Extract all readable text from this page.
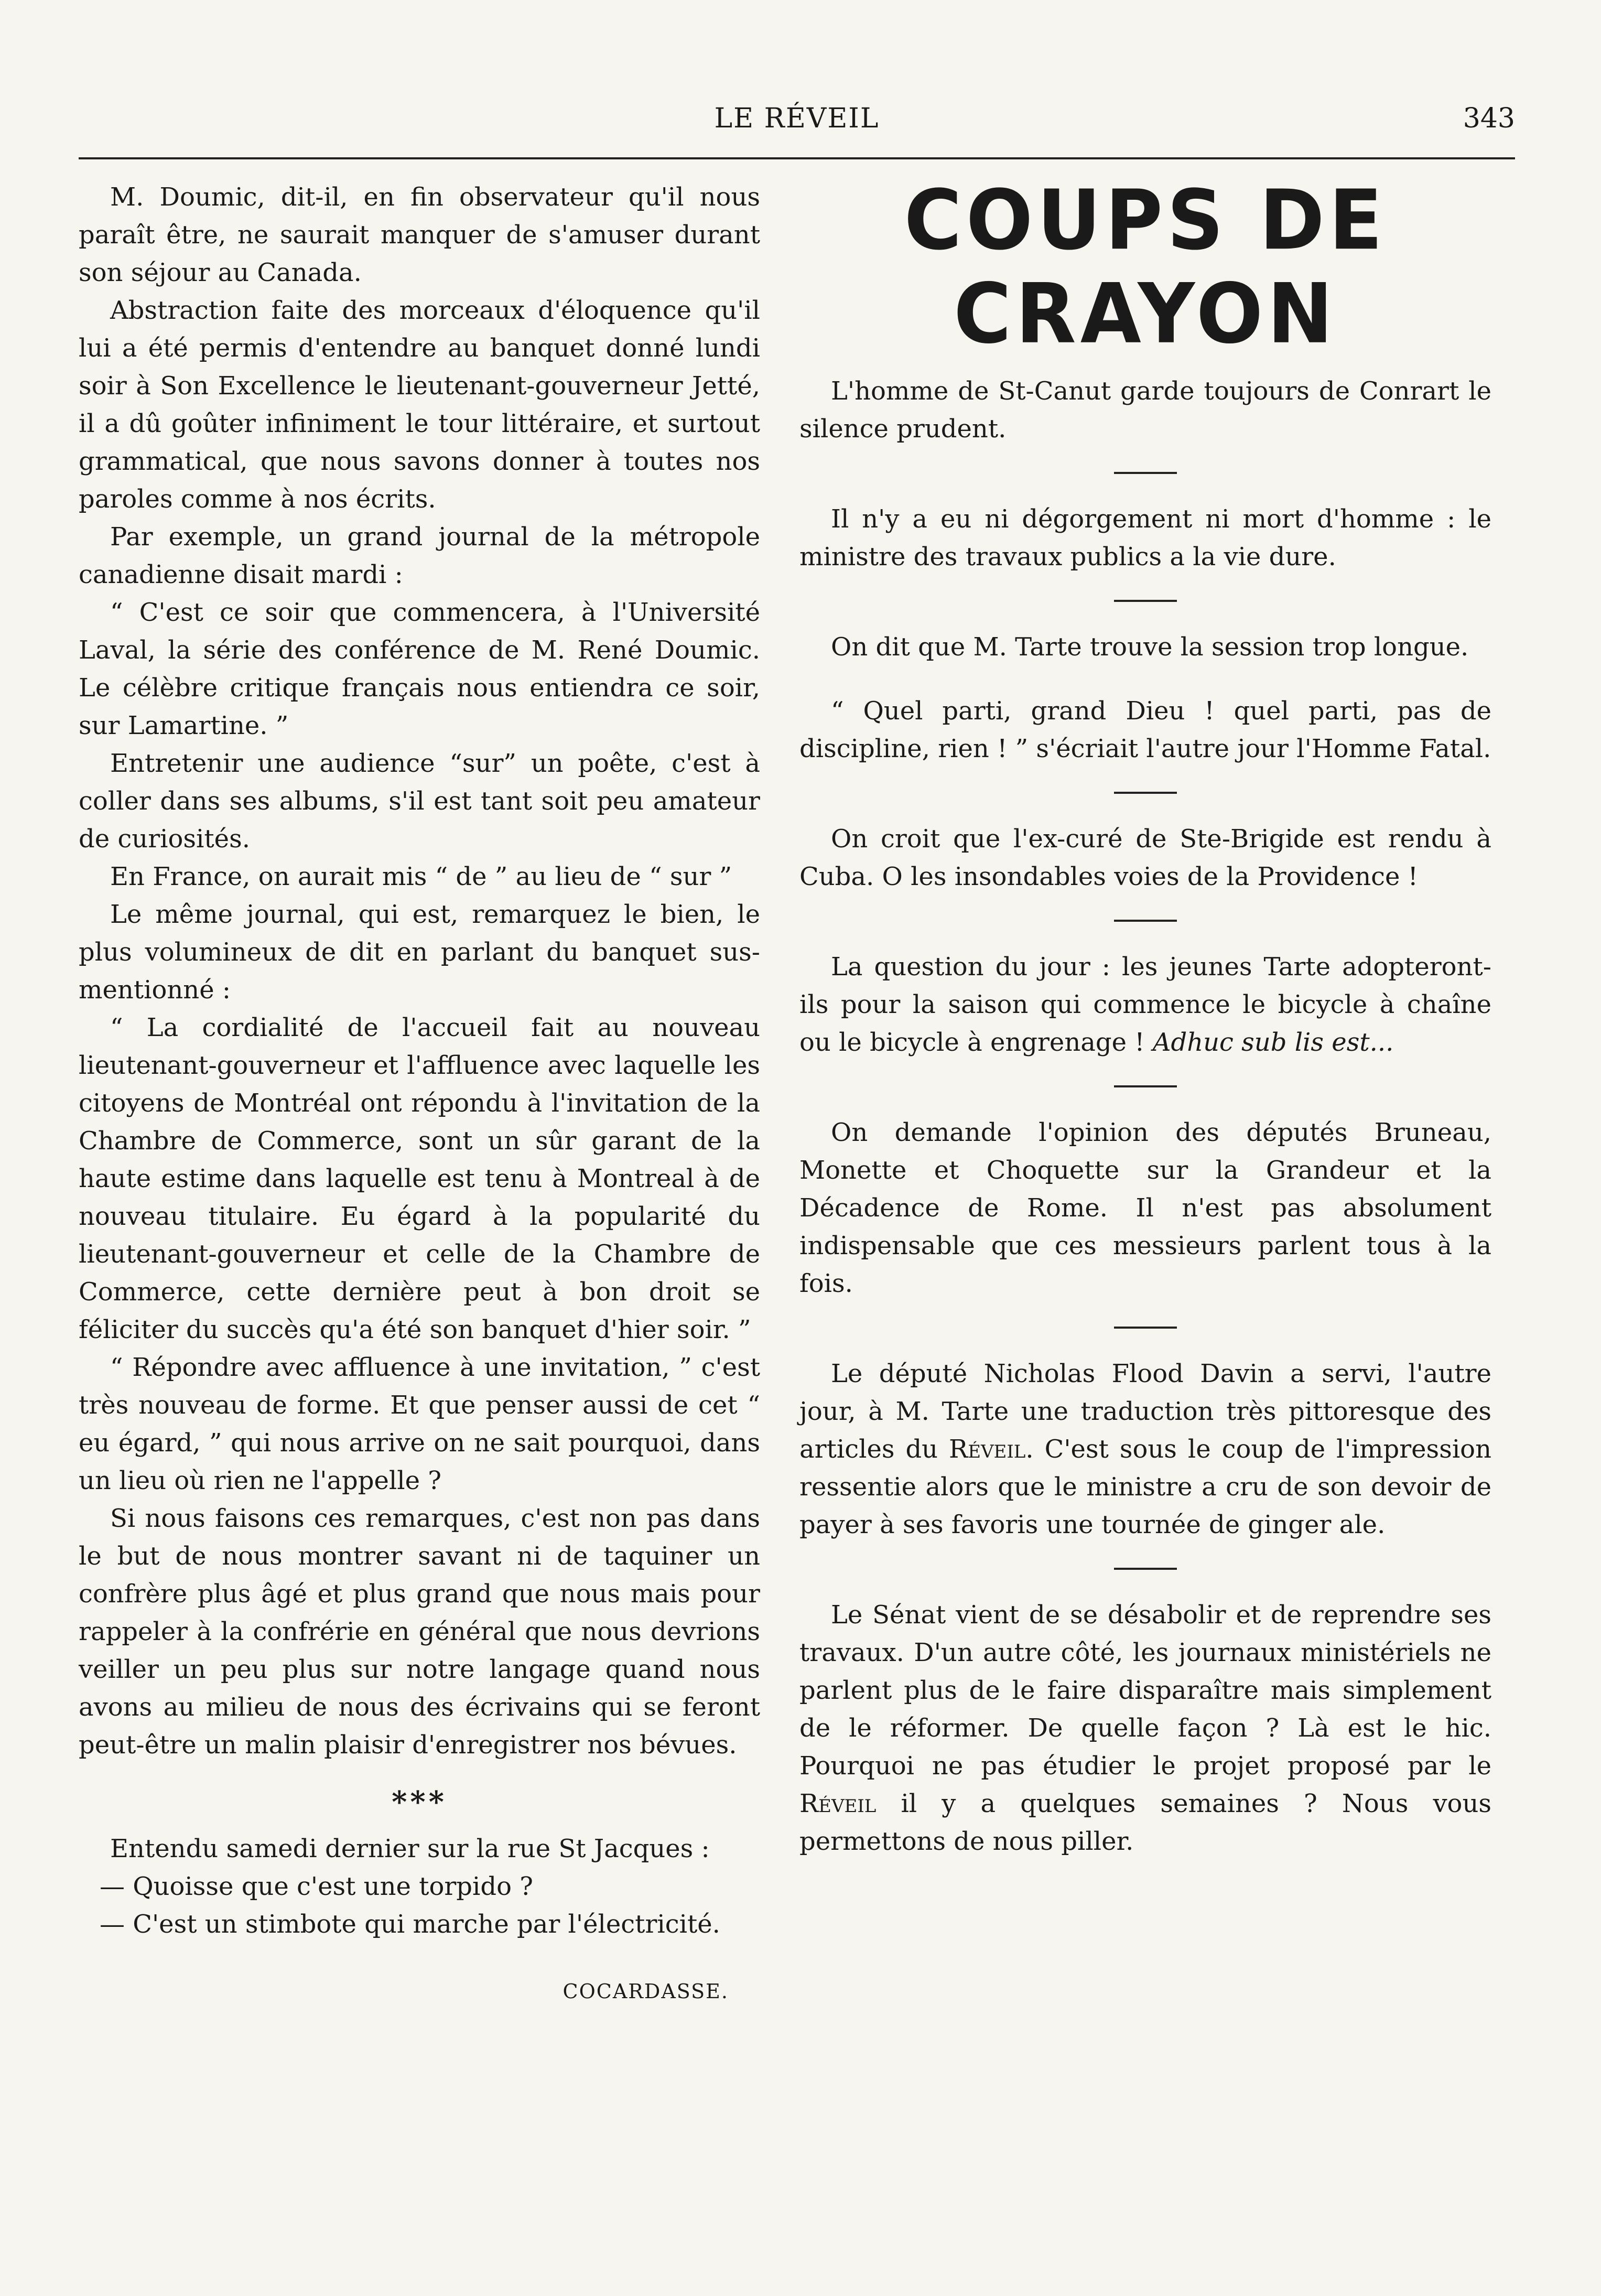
LE RÉVEIL	343

M. Doumic, dit-il, en fin observateur qu'il nous paraît être, ne saurait manquer de s'amuser durant son séjour au Canada.

Abstraction faite des morceaux d'éloquence qu'il lui a été permis d'entendre au banquet donné lundi soir à Son Excellence le lieutenant-gouverneur Jetté, il a dû goûter infiniment le tour littéraire, et surtout grammatical, que nous savons donner à toutes nos paroles comme à nos écrits.

Par exemple, un grand journal de la métropole canadienne disait mardi :

“ C'est ce soir que commencera, à l'Université Laval, la série des conférence de M. René Doumic. Le célèbre critique français nous entiendra ce soir, sur Lamartine. ”

Entretenir une audience “sur” un poête, c'est à coller dans ses albums, s'il est tant soit peu amateur de curiosités.

En France, on aurait mis “ de ” au lieu de “ sur ”

Le même journal, qui est, remarquez le bien, le plus volumineux de dit en parlant du banquet sus-mentionné :

“ La cordialité de l'accueil fait au nouveau lieutenant-gouverneur et l'affluence avec laquelle les citoyens de Montréal ont répondu à l'invitation de la Chambre de Commerce, sont un sûr garant de la haute estime dans laquelle est tenu à Montreal à de nouveau titulaire. Eu égard à la popularité du lieutenant-gouverneur et celle de la Chambre de Commerce, cette dernière peut à bon droit se féliciter du succès qu'a été son banquet d'hier soir. ”

“ Répondre avec affluence à une invitation, ” c'est très nouveau de forme. Et que penser aussi de cet “ eu égard, ” qui nous arrive on ne sait pourquoi, dans un lieu où rien ne l'appelle ?

Si nous faisons ces remarques, c'est non pas dans le but de nous montrer savant ni de taquiner un confrère plus âgé et plus grand que nous mais pour rappeler à la confrérie en général que nous devrions veiller un peu plus sur notre langage quand nous avons au milieu de nous des écrivains qui se feront peut-être un malin plaisir d'enregistrer nos bévues.

***

Entendu samedi dernier sur la rue St Jacques :

— Quoisse que c'est une torpido ?

— C'est un stimbote qui marche par l'électricité.

COCARDASSE.
COUPS DE CRAYON

L'homme de St-Canut garde toujours de Conrart le silence prudent.

Il n'y a eu ni dégorgement ni mort d'homme : le ministre des travaux publics a la vie dure.

On dit que M. Tarte trouve la session trop longue.

“ Quel parti, grand Dieu ! quel parti, pas de discipline, rien ! ” s'écriait l'autre jour l'Homme Fatal.

On croit que l'ex-curé de Ste-Brigide est rendu à Cuba. O les insondables voies de la Providence !

La question du jour : les jeunes Tarte adopteront-ils pour la saison qui commence le bicycle à chaîne ou le bicycle à engrenage ! Adhuc sub lis est...

On demande l'opinion des députés Bruneau, Monette et Choquette sur la Grandeur et la Décadence de Rome. Il n'est pas absolument indispensable que ces messieurs parlent tous à la fois.

Le député Nicholas Flood Davin a servi, l'autre jour, à M. Tarte une traduction très pittoresque des articles du Réveil. C'est sous le coup de l'impression ressentie alors que le ministre a cru de son devoir de payer à ses favoris une tournée de ginger ale.

Le Sénat vient de se désabolir et de reprendre ses travaux. D'un autre côté, les journaux ministériels ne parlent plus de le faire disparaître mais simplement de le réformer. De quelle façon ? Là est le hic. Pourquoi ne pas étudier le projet proposé par le Réveil il y a quelques semaines ? Nous vous permettons de nous piller.
